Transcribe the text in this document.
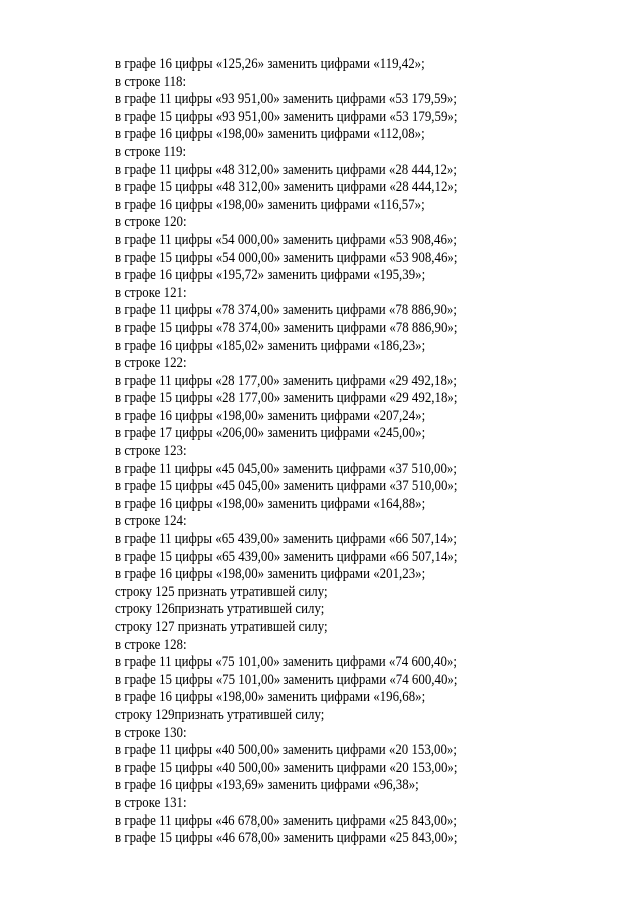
в графе 16 цифры «125,26» заменить цифрами «119,42»;
в строке 118:
в графе 11 цифры «93 951,00» заменить цифрами «53 179,59»;
в графе 15 цифры «93 951,00» заменить цифрами «53 179,59»;
в графе 16 цифры «198,00» заменить цифрами «112,08»;
в строке 119:
в графе 11 цифры «48 312,00» заменить цифрами «28 444,12»;
в графе 15 цифры «48 312,00» заменить цифрами «28 444,12»;
в графе 16 цифры «198,00» заменить цифрами «116,57»;
в строке 120:
в графе 11 цифры «54 000,00» заменить цифрами «53 908,46»;
в графе 15 цифры «54 000,00» заменить цифрами «53 908,46»;
в графе 16 цифры «195,72» заменить цифрами «195,39»;
в строке 121:
в графе 11 цифры «78 374,00» заменить цифрами «78 886,90»;
в графе 15 цифры «78 374,00» заменить цифрами «78 886,90»;
в графе 16 цифры «185,02» заменить цифрами «186,23»;
в строке 122:
в графе 11 цифры «28 177,00» заменить цифрами «29 492,18»;
в графе 15 цифры «28 177,00» заменить цифрами «29 492,18»;
в графе 16 цифры «198,00» заменить цифрами «207,24»;
в графе 17 цифры «206,00» заменить цифрами «245,00»;
в строке 123:
в графе 11 цифры «45 045,00» заменить цифрами «37 510,00»;
в графе 15 цифры «45 045,00» заменить цифрами «37 510,00»;
в графе 16 цифры «198,00» заменить цифрами «164,88»;
в строке 124:
в графе 11 цифры «65 439,00» заменить цифрами «66 507,14»;
в графе 15 цифры «65 439,00» заменить цифрами «66 507,14»;
в графе 16 цифры «198,00» заменить цифрами «201,23»;
строку 125 признать утратившей силу;
строку 126признать утратившей силу;
строку 127 признать утратившей силу;
в строке 128:
в графе 11 цифры «75 101,00» заменить цифрами «74 600,40»;
в графе 15 цифры «75 101,00» заменить цифрами «74 600,40»;
в графе 16 цифры «198,00» заменить цифрами «196,68»;
строку 129признать утратившей силу;
в строке 130:
в графе 11 цифры «40 500,00» заменить цифрами «20 153,00»;
в графе 15 цифры «40 500,00» заменить цифрами «20 153,00»;
в графе 16 цифры «193,69» заменить цифрами «96,38»;
в строке 131:
в графе 11 цифры «46 678,00» заменить цифрами «25 843,00»;
в графе 15 цифры «46 678,00» заменить цифрами «25 843,00»;
